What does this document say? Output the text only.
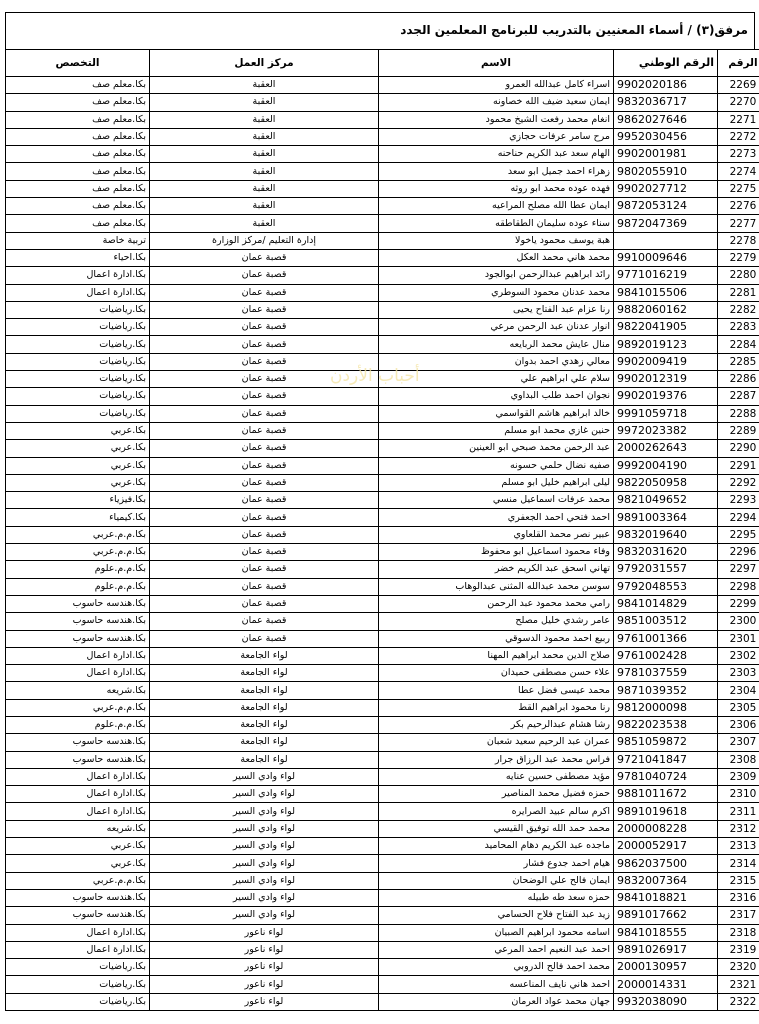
مرفق(٣) / أسماء المعنيين بالتدريب للبرنامج المعلمين الجدد
الرقم	الرقم الوطني	الاسم	مركز العمل	التخصص
2269	9902020186	اسراء كامل عبدالله العمرو	العقبة	بكا.معلم صف
2270	9832036717	ايمان سعيد ضيف الله خصاونه	العقبة	بكا.معلم صف
2271	9862027646	انغام محمد رفعت الشيخ محمود	العقبة	بكا.معلم صف
2272	9952030456	مرح سامر عرفات حجازي	العقبة	بكا.معلم صف
2273	9902001981	الهام سعد عبد الكريم حناحنه	العقبة	بكا.معلم صف
2274	9802055910	زهراء احمد جميل ابو سعد	العقبة	بكا.معلم صف
2275	9902027712	فهده عوده محمد ابو روثه	العقبة	بكا.معلم صف
2276	9872053124	ايمان عطا الله مصلح المراعيه	العقبة	بكا.معلم صف
2277	9872047369	سناء عوده سليمان الطقاطقه	العقبة	بكا.معلم صف
2278		هبة يوسف محمود ياخولا	إدارة التعليم /مركز الوزارة	تربية خاصة
2279	9910009646	محمد هاني محمد العكل	قصبة عمان	بكا.احياء
2280	9771016219	رائد ابراهيم عبدالرحمن ابوالجود	قصبة عمان	بكا.ادارة اعمال
2281	9841015506	محمد عدنان محمود السوطري	قصبة عمان	بكا.ادارة اعمال
2282	9882060162	رنا عزام عبد الفتاح يحيى	قصبة عمان	بكا.رياضيات
2283	9822041905	انوار عدنان عبد الرحمن مرعي	قصبة عمان	بكا.رياضيات
2284	9892019123	منال عايش محمد الربايعه	قصبة عمان	بكا.رياضيات
2285	9902009419	معالي زهدي احمد بدوان	قصبة عمان	بكا.رياضيات
2286	9902012319	سلام علي ابراهيم علي	قصبة عمان	بكا.رياضيات
2287	9902019376	نجوان احمد طلب البداوي	قصبة عمان	بكا.رياضيات
2288	9991059718	خالد ابراهيم هاشم القواسمي	قصبة عمان	بكا.رياضيات
2289	9972023382	حنين غازي محمد ابو مسلم	قصبة عمان	بكا.عربي
2290	2000262643	عبد الرحمن محمد صبحي ابو العينين	قصبة عمان	بكا.عربي
2291	9992004190	صفيه نضال حلمي حسونه	قصبة عمان	بكا.عربي
2292	9822050958	ليلى ابراهيم خليل ابو مسلم	قصبة عمان	بكا.عربي
2293	9821049652	محمد عرفات اسماعيل منسي	قصبة عمان	بكا.فيزياء
2294	9891003364	احمد فتحي احمد الجعفري	قصبة عمان	بكا.كيمياء
2295	9832019640	عبير نصر محمد القلعاوي	قصبة عمان	بكا.م.م.عربي
2296	9832031620	وفاء محمود اسماعيل ابو محفوظ	قصبة عمان	بكا.م.م.عربي
2297	9792031557	تهاني اسحق عبد الكريم خضر	قصبة عمان	بكا.م.م.علوم
2298	9792048553	سوسن محمد عبدالله المثنى عبدالوهاب	قصبة عمان	بكا.م.م.علوم
2299	9841014829	رامي محمد محمود عبد الرحمن	قصبة عمان	بكا.هندسه حاسوب
2300	9851003512	عامر رشدي خليل مصلح	قصبة عمان	بكا.هندسه حاسوب
2301	9761001366	ربيع احمد محمود الدسوقي	قصبة عمان	بكا.هندسه حاسوب
2302	9761002428	صلاح الدين محمد ابراهيم المهنا	لواء الجامعة	بكا.ادارة اعمال
2303	9781037559	علاء حسن مصطفى حميدان	لواء الجامعة	بكا.ادارة اعمال
2304	9871039352	محمد عيسى فضل عطا	لواء الجامعة	بكا.شريعه
2305	9812000098	رنا محمود ابراهيم القط	لواء الجامعة	بكا.م.م.عربي
2306	9822023538	رشا هشام عبدالرحيم بكر	لواء الجامعة	بكا.م.م.علوم
2307	9851059872	عمران عبد الرحيم سعيد شعبان	لواء الجامعة	بكا.هندسه حاسوب
2308	9721041847	فراس محمد عبد الرزاق جرار	لواء الجامعة	بكا.هندسه حاسوب
2309	9781040724	مؤيد مصطفى حسين عنايه	لواء وادي السير	بكا.ادارة اعمال
2310	9881011672	حمزه فضيل محمد المناصير	لواء وادي السير	بكا.ادارة اعمال
2311	9891019618	اكرم سالم عبيد الصرايره	لواء وادي السير	بكا.ادارة اعمال
2312	2000008228	محمد حمد الله توفيق القيسي	لواء وادي السير	بكا.شريعه
2313	2000052917	ماجده عبد الكريم دهام المحاميد	لواء وادي السير	بكا.عربي
2314	9862037500	هيام احمد جدوع فشار	لواء وادي السير	بكا.عربي
2315	9832007364	ايمان فالح علي الوضحان	لواء وادي السير	بكا.م.م.عربي
2316	9841018821	حمزه سعد طه طبيله	لواء وادي السير	بكا.هندسه حاسوب
2317	9891017662	زيد عبد الفتاح فلاح الحسامي	لواء وادي السير	بكا.هندسه حاسوب
2318	9841018555	اسامه محمود ابراهيم الصبيان	لواء ناعور	بكا.ادارة اعمال
2319	9891026917	احمد عبد النعيم احمد المرعي	لواء ناعور	بكا.ادارة اعمال
2320	2000130957	محمد احمد فالح الدروبي	لواء ناعور	بكا.رياضيات
2321	2000014331	احمد هاني نايف المناعسه	لواء ناعور	بكا.رياضيات
2322	9932038090	جهان محمد عواد العرمان	لواء ناعور	بكا.رياضيات
أحباب الأردن
